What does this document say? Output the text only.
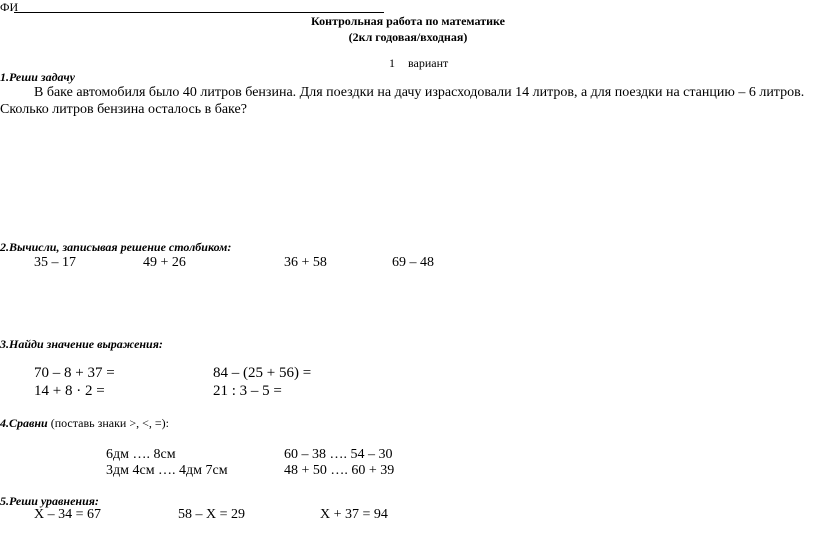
ФИ
Контрольная работа по математике
(2кл годовая/входная)
1 вариант
1.Реши задачу
В баке автомобиля было 40 литров бензина. Для поездки на дачу израсходовали 14 литров, а для поездки на станцию – 6 литров.
Сколько литров бензина осталось в баке?
2.Вычисли, записывая решение столбиком:
35 – 17	49 + 26	36 + 58	69 – 48
3.Найди значение выражения:
70 – 8 + 37 =	84 – (25 + 56) =
14 + 8 · 2 =	21 : 3 – 5 =
4.Сравни (поставь знаки >, <, =):
6дм …. 8см	60 – 38 …. 54 – 30
3дм 4см …. 4дм 7см	48 + 50 …. 60 + 39
5.Реши уравнения:
Х – 34 = 67	58 – Х = 29	Х + 37 = 94
